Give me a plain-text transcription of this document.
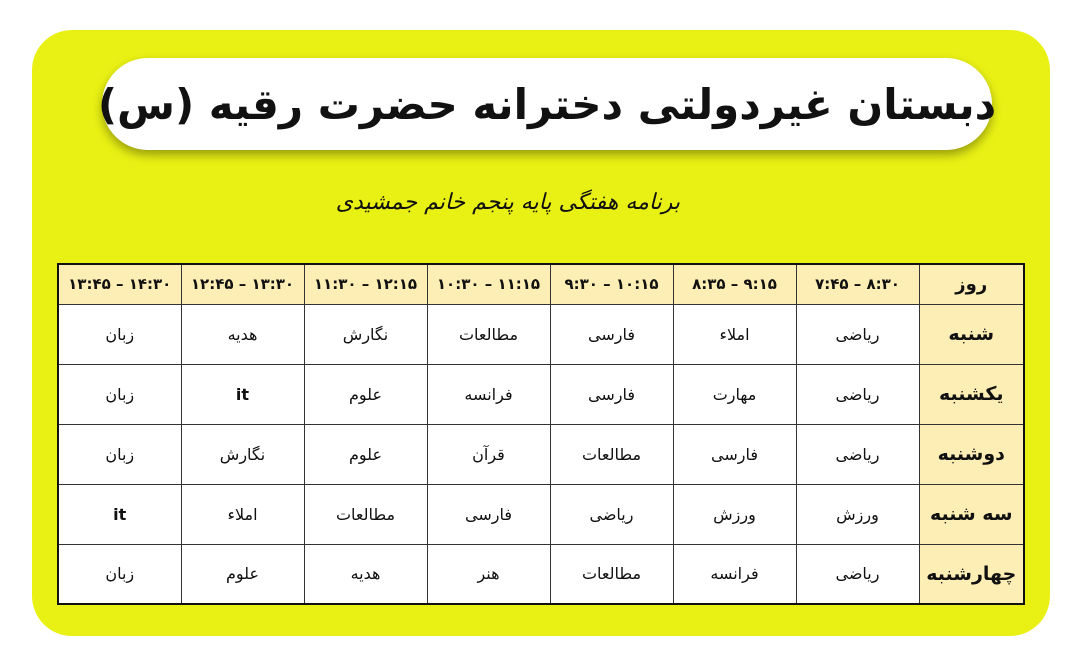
دبستان غیردولتی دخترانه حضرت رقیه (س)
برنامه هفتگی پایه پنجم خانم جمشیدی
۱۳:۴۵ – ۱۴:۳۰	۱۲:۴۵ – ۱۳:۳۰	۱۱:۳۰ – ۱۲:۱۵	۱۰:۳۰ – ۱۱:۱۵	۹:۳۰ – ۱۰:۱۵	۸:۳۵ – ۹:۱۵	۷:۴۵ – ۸:۳۰	روز
زبان	هدیه	نگارش	مطالعات	فارسی	املاء	ریاضی	شنبه
زبان	it	علوم	فرانسه	فارسی	مهارت	ریاضی	یکشنبه
زبان	نگارش	علوم	قرآن	مطالعات	فارسی	ریاضی	دوشنبه
it	املاء	مطالعات	فارسی	ریاضی	ورزش	ورزش	سه شنبه
زبان	علوم	هدیه	هنر	مطالعات	فرانسه	ریاضی	چهارشنبه
